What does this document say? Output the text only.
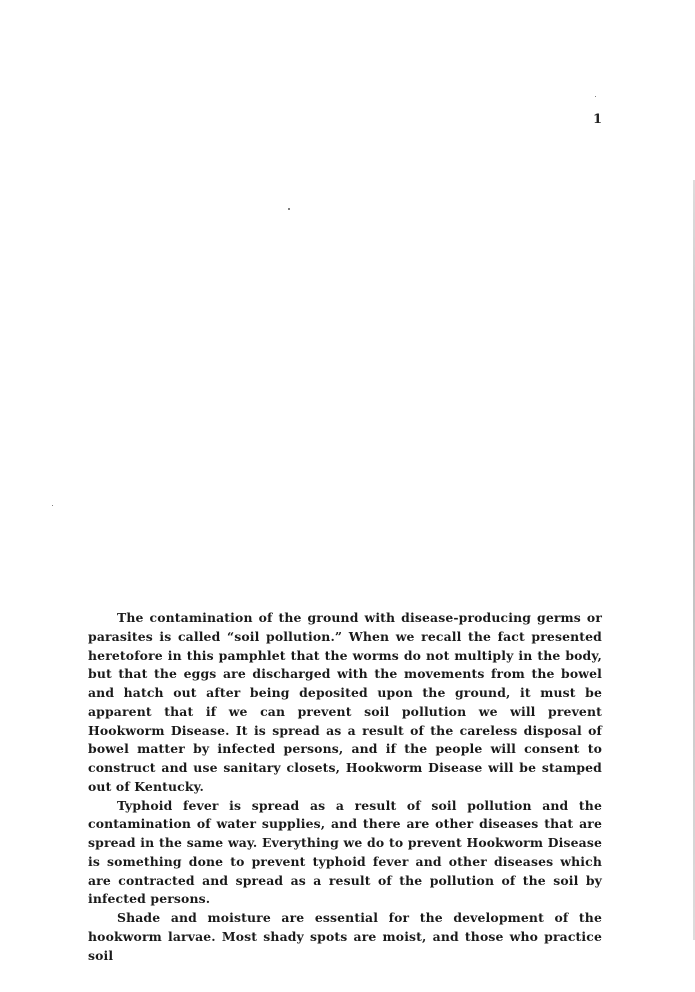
1

The contamination of the ground with disease-producing germs or parasites is called “soil pollution.” When we recall the fact presented heretofore in this pamphlet that the worms do not multiply in the body, but that the eggs are discharged with the movements from the bowel and hatch out after being deposited upon the ground, it must be apparent that if we can prevent soil pollution we will prevent Hookworm Disease. It is spread as a result of the careless disposal of bowel matter by infected persons, and if the people will consent to construct and use sanitary closets, Hookworm Disease will be stamped out of Kentucky.

Typhoid fever is spread as a result of soil pollution and the contamination of water supplies, and there are other diseases that are spread in the same way. Everything we do to prevent Hookworm Disease is something done to prevent typhoid fever and other diseases which are contracted and spread as a result of the pollution of the soil by infected persons.

Shade and moisture are essential for the development of the hookworm larvae. Most shady spots are moist, and those who practice soil
